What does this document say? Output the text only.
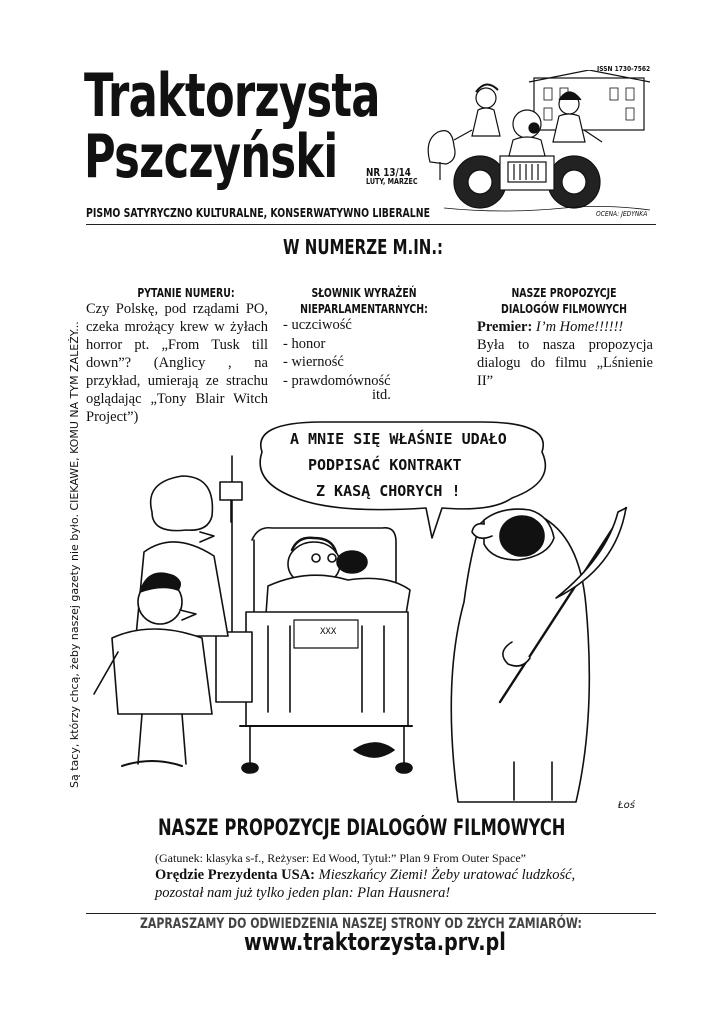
Traktorzysta
Pszczyński	NR 13/14
LUTY, MARZEC
ISSN 1730-7562
PISMO SATYRYCZNO KULTURALNE, KONSERWATYWNO LIBERALNE	OCENA: JEDYNKA
W NUMERZE M.IN.:
PYTANIE NUMERU:
Czy Polskę, pod rządami PO, czeka mrożący krew w żyłach horror pt. „From Tusk till down”? (Anglicy , na przykład, umierają ze strachu oglądając „Tony Blair Witch Project”)
SŁOWNIK WYRAŻEŃ
NIEPARLAMENTARNYCH:
- uczciwość
- honor
- wierność
- prawdomówność
itd.
NASZE PROPOZYCJE
DIALOGÓW FILMOWYCH
Premier: I’m Home!!!!!!
Była to nasza propozycja dialogu do filmu „Lśnienie II”
Są tacy, którzy chcą, żeby naszej gazety nie było. CIEKAWE, KOMU NA TYM ZALEŻY...	A MNIE SIĘ WŁAŚNIE UDAŁO
PODPISAĆ KONTRAKT
Z KASĄ CHORYCH !
XXX
Łoś
NASZE PROPOZYCJE DIALOGÓW FILMOWYCH
(Gatunek: klasyka s-f., Reżyser: Ed Wood, Tytuł:” Plan 9 From Outer Space”
Orędzie Prezydenta USA: Mieszkańcy Ziemi! Żeby uratować ludzkość, pozostał nam już tylko jeden plan: Plan Hausnera!
ZAPRASZAMY DO ODWIEDZENIA NASZEJ STRONY OD ZŁYCH ZAMIARÓW:
www.traktorzysta.prv.pl
